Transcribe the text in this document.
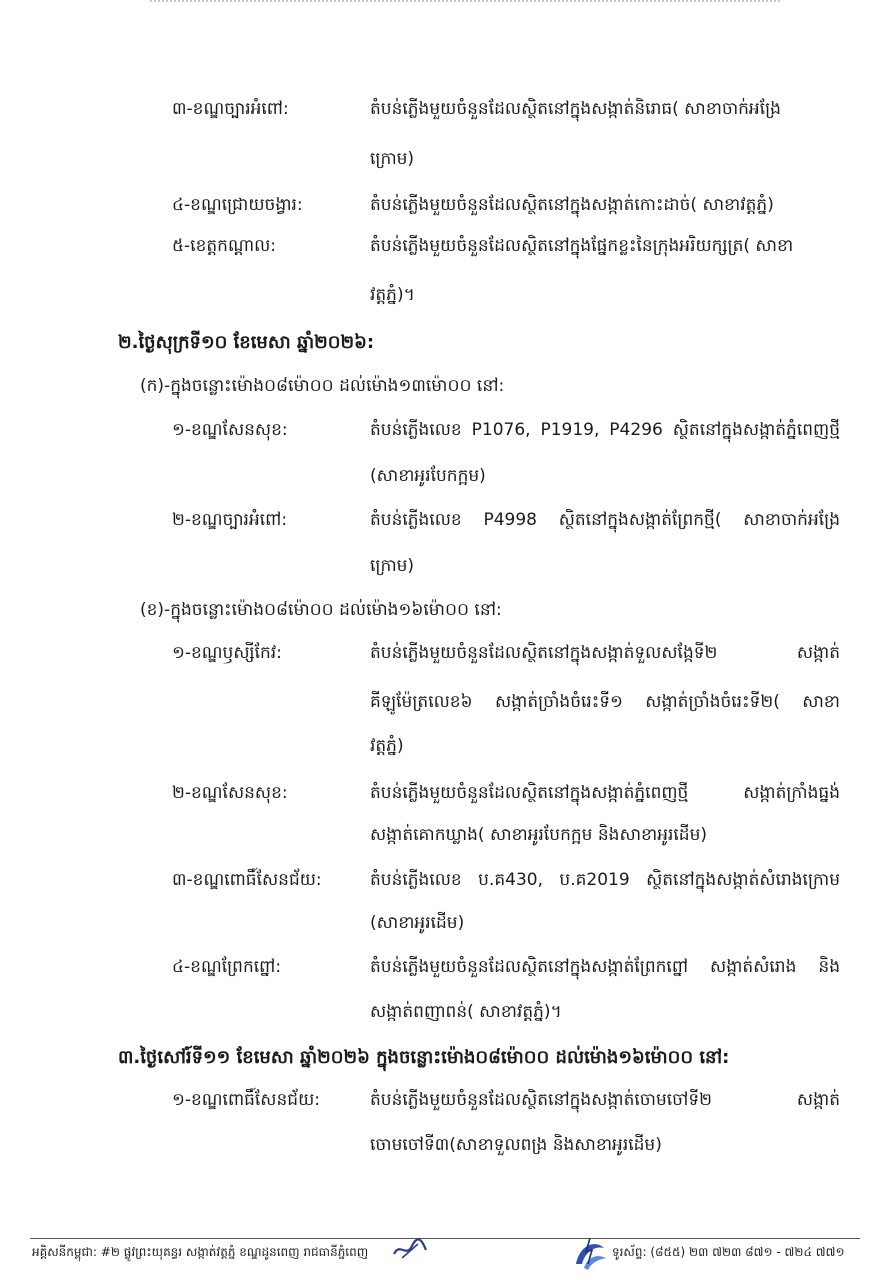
៣-ខណ្ឌច្បារអំពៅ:	តំបន់ភ្លើងមួយចំនួនដែលស្ថិតនៅក្នុងសង្កាត់និរោធ( សាខាចាក់អង្រែ
ក្រោម)
៤-ខណ្ឌជ្រោយចង្វារ:	តំបន់ភ្លើងមួយចំនួនដែលស្ថិតនៅក្នុងសង្កាត់កោះដាច់( សាខាវត្តភ្នំ)
៥-ខេត្តកណ្តាល:	តំបន់ភ្លើងមួយចំនួនដែលស្ថិតនៅក្នុងផ្នែកខ្លះនៃក្រុងអរិយក្សត្រ( សាខា
វត្តភ្នំ)។
២.ថ្ងៃសុក្រទី១០ ខែមេសា ឆ្នាំ២០២៦:
(ក)-ក្នុងចន្លោះម៉ោង០៨ម៉ោ០០ ដល់ម៉ោង១៣ម៉ោ០០ នៅ:
១-ខណ្ឌសែនសុខ:	តំបន់ភ្លើងលេខ P1076, P1919, P4296 ស្ថិតនៅក្នុងសង្កាត់ភ្នំពេញថ្មី
(សាខាអូរបែកក្អម)
២-ខណ្ឌច្បារអំពៅ:	តំបន់ភ្លើងលេខ P4998 ស្ថិតនៅក្នុងសង្កាត់ព្រែកថ្មី( សាខាចាក់អង្រែ
ក្រោម)
(ខ)-ក្នុងចន្លោះម៉ោង០៨ម៉ោ០០ ដល់ម៉ោង១៦ម៉ោ០០ នៅ:
១-ខណ្ឌឫស្សីកែវ:	តំបន់ភ្លើងមួយចំនួនដែលស្ថិតនៅក្នុងសង្កាត់ទួលសង្កែទី២ សង្កាត់
គីឡូម៉ែត្រលេខ៦ សង្កាត់ច្រាំងចំរេះទី១ សង្កាត់ច្រាំងចំរេះទី២( សាខា
វត្តភ្នំ)
២-ខណ្ឌសែនសុខ:	តំបន់ភ្លើងមួយចំនួនដែលស្ថិតនៅក្នុងសង្កាត់ភ្នំពេញថ្មី សង្កាត់ក្រាំងធ្នង់
សង្កាត់គោកឃ្លាង( សាខាអូរបែកក្អម និងសាខាអូរដើម)
៣-ខណ្ឌពោធិ៍សែនជ័យ:	តំបន់ភ្លើងលេខ ប.គ430, ប.គ2019 ស្ថិតនៅក្នុងសង្កាត់សំរោងក្រោម
(សាខាអូរដើម)
៤-ខណ្ឌព្រែកព្នៅ:	តំបន់ភ្លើងមួយចំនួនដែលស្ថិតនៅក្នុងសង្កាត់ព្រែកព្នៅ សង្កាត់សំរោង និង
សង្កាត់ពញាពន់( សាខាវត្តភ្នំ)។
៣.ថ្ងៃសៅរ៍ទី១១ ខែមេសា ឆ្នាំ២០២៦ ក្នុងចន្លោះម៉ោង០៨ម៉ោ០០ ដល់ម៉ោង១៦ម៉ោ០០ នៅ:
១-ខណ្ឌពោធិ៍សែនជ័យ:	តំបន់ភ្លើងមួយចំនួនដែលស្ថិតនៅក្នុងសង្កាត់ចោមចៅទី២ សង្កាត់
ចោមចៅទី៣(សាខាទួលពង្រ និងសាខាអូរដើម)
អគ្គិសនីកម្ពុជា: #២ ផ្លូវព្រះយុគន្ធរ សង្កាត់វត្តភ្នំ ខណ្ឌដូនពេញ រាជធានីភ្នំពេញ	ទូរស័ព្ទ: (៨៥៥) ២៣ ៧២៣ ៨៧១ - ៧២៤ ៧៧១
